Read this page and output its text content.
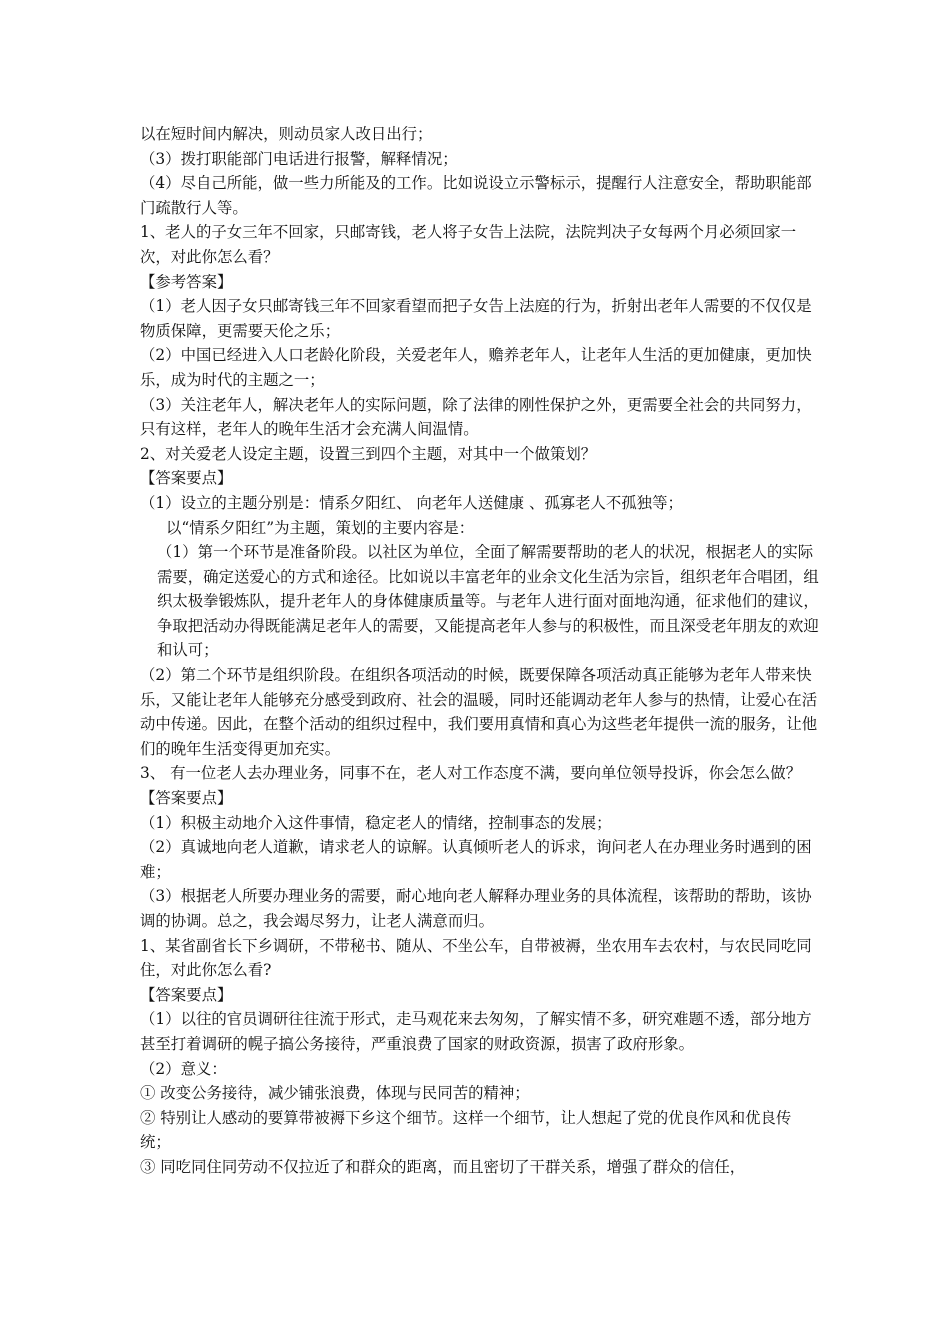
以在短时间内解决，则动员家人改日出行；

（3）拨打职能部门电话进行报警，解释情况；

（4）尽自己所能，做一些力所能及的工作。比如说设立示警标示，提醒行人注意安全，帮助职能部门疏散行人等。

1、老人的子女三年不回家，只邮寄钱，老人将子女告上法院，法院判决子女每两个月必须回家一次，对此你怎么看？

【参考答案】

（1）老人因子女只邮寄钱三年不回家看望而把子女告上法庭的行为，折射出老年人需要的不仅仅是物质保障，更需要天伦之乐；

（2）中国已经进入人口老龄化阶段，关爱老年人，赡养老年人，让老年人生活的更加健康，更加快乐，成为时代的主题之一；

（3）关注老年人，解决老年人的实际问题，除了法律的刚性保护之外，更需要全社会的共同努力，只有这样，老年人的晚年生活才会充满人间温情。

2、对关爱老人设定主题，设置三到四个主题，对其中一个做策划？

【答案要点】

（1）设立的主题分别是：情系夕阳红、 向老年人送健康 、孤寡老人不孤独等；

以“情系夕阳红”为主题，策划的主要内容是：

（1）第一个环节是准备阶段。以社区为单位，全面了解需要帮助的老人的状况，根据老人的实际需要，确定送爱心的方式和途径。比如说以丰富老年的业余文化生活为宗旨，组织老年合唱团，组织太极拳锻炼队，提升老年人的身体健康质量等。与老年人进行面对面地沟通，征求他们的建议，争取把活动办得既能满足老年人的需要，又能提高老年人参与的积极性，而且深受老年朋友的欢迎和认可；

（2）第二个环节是组织阶段。在组织各项活动的时候，既要保障各项活动真正能够为老年人带来快乐，又能让老年人能够充分感受到政府、社会的温暖，同时还能调动老年人参与的热情，让爱心在活动中传递。因此，在整个活动的组织过程中，我们要用真情和真心为这些老年提供一流的服务，让他们的晚年生活变得更加充实。

3、 有一位老人去办理业务，同事不在，老人对工作态度不满，要向单位领导投诉，你会怎么做？

【答案要点】

（1）积极主动地介入这件事情，稳定老人的情绪，控制事态的发展；

（2）真诚地向老人道歉，请求老人的谅解。认真倾听老人的诉求，询问老人在办理业务时遇到的困难；

（3）根据老人所要办理业务的需要，耐心地向老人解释办理业务的具体流程，该帮助的帮助，该协调的协调。总之，我会竭尽努力，让老人满意而归。

1、某省副省长下乡调研，不带秘书、随从、不坐公车，自带被褥，坐农用车去农村，与农民同吃同住，对此你怎么看?

【答案要点】

（1）以往的官员调研往往流于形式，走马观花来去匆匆，了解实情不多，研究难题不透，部分地方甚至打着调研的幌子搞公务接待，严重浪费了国家的财政资源，损害了政府形象。

（2）意义：

① 改变公务接待，减少铺张浪费，体现与民同苦的精神；

② 特别让人感动的要算带被褥下乡这个细节。这样一个细节，让人想起了党的优良作风和优良传统；

③ 同吃同住同劳动不仅拉近了和群众的距离，而且密切了干群关系，增强了群众的信任，
